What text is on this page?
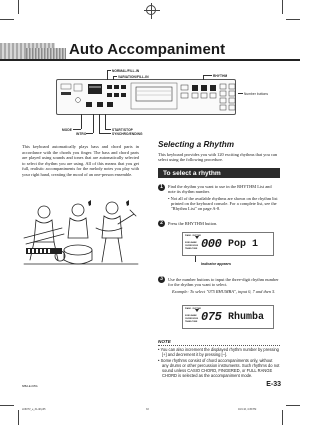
Auto Accompaniment
NORMAL/FILL-IN
VARIATION/FILL-IN	RHYTHM
Number buttons
MODE
INTRO
START/STOP
SYNCHRO/ENDING
This keyboard automatically plays bass and chord parts in accordance with the chords you finger. The bass and chord parts are played using sounds and tones that are automatically selected to select the rhythm you are using. All of this means that you get full, realistic accompaniments for the melody notes you play with your right hand, creating the mood of an one-person ensemble.
Selecting a Rhythm
This keyboard provides you with 120 exciting rhythms that you can select using the following procedure.
To select a rhythm
1	Find the rhythm you want to use in the RHYTHM List and note its rhythm number.
• Not all of the available rhythms are shown on the rhythm list printed on the keyboard console. For a complete list, see the "Rhythm List" on page A-8.
2	Press the RHYTHM button.
PIANO · RHYTHM
SONG BANK
CHORD BOOK
TRANS·TUNE 000 Pop 1
Indicator appears
3	Use the number buttons to input the three-digit rhythm number for the rhythm you want to select.
Example: To select "075 RHUMBA", input 0, 7 and then 5.
PIANO · RHYTHM
SONG BANK
CHORD BOOK
TRANS·TUNE 075 Rhumba
NOTE
• You can also increment the displayed rhythm number by pressing [+] and decrement it by pressing [–].
• Some rhythms consist of chord accompaniments only, without any drums or other percussion instruments. Such rhythms do not sound unless CASIO CHORD, FINGERED, or FULL RANGE CHORD is selected as the accompaniment mode.
E-33
688A-E-035A
LK60TV_e_31-48.p65	33	04.6.16, 4:45 PM
